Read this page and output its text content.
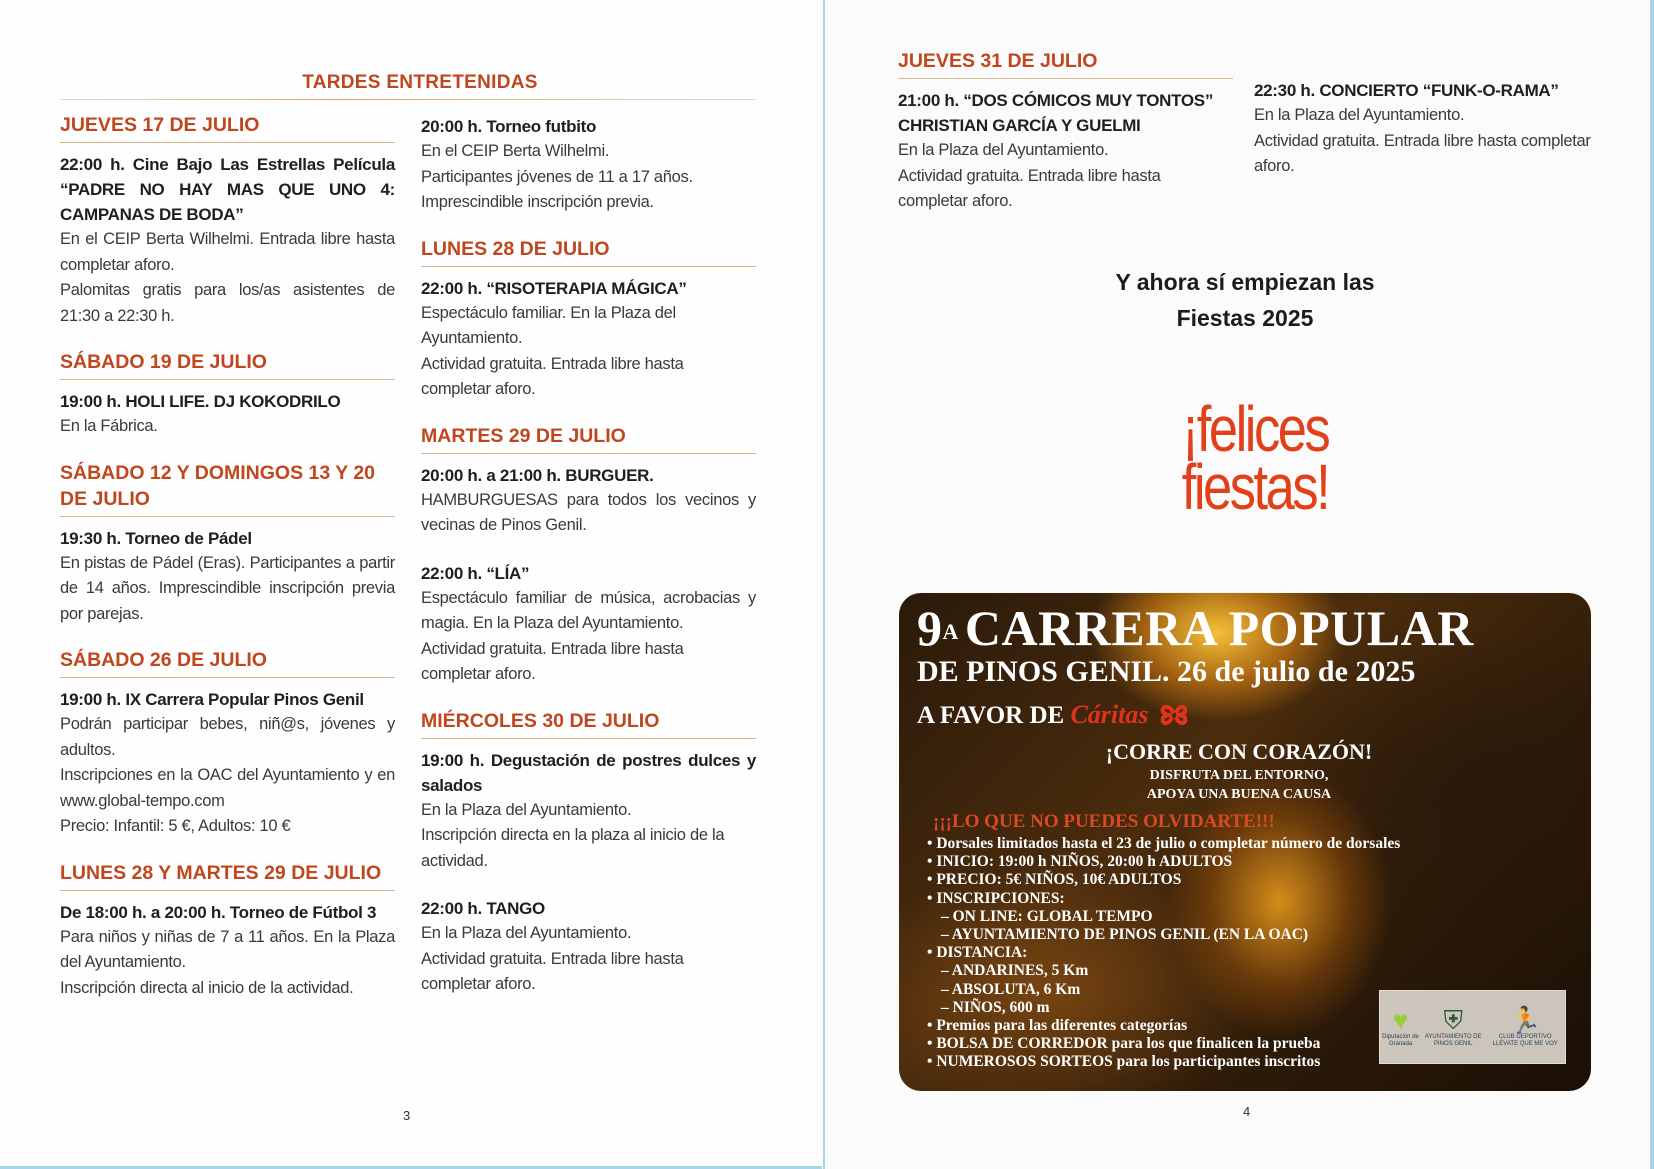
TARDES ENTRETENIDAS
JUEVES 17 DE JULIO
22:00 h. Cine Bajo Las Estrellas Película “PADRE NO HAY MAS QUE UNO 4: CAMPANAS DE BODA”
En el CEIP Berta Wilhelmi. Entrada libre hasta completar aforo.
Palomitas gratis para los/as asistentes de 21:30 a 22:30 h.
SÁBADO 19 DE JULIO
19:00 h. HOLI LIFE. DJ KOKODRILO
En la Fábrica.
SÁBADO 12 Y DOMINGOS 13 Y 20 DE JULIO
19:30 h. Torneo de Pádel
En pistas de Pádel (Eras). Participantes a partir de 14 años. Imprescindible inscripción previa por parejas.
SÁBADO 26 DE JULIO
19:00 h. IX Carrera Popular Pinos Genil
Podrán participar bebes, niñ@s, jóvenes y adultos.
Inscripciones en la OAC del Ayuntamiento y en www.global-tempo.com
Precio: Infantil: 5 €, Adultos: 10 €
LUNES 28 Y MARTES 29 DE JULIO
De 18:00 h. a 20:00 h. Torneo de Fútbol 3
Para niños y niñas de 7 a 11 años. En la Plaza del Ayuntamiento.
Inscripción directa al inicio de la actividad.
20:00 h. Torneo futbito
En el CEIP Berta Wilhelmi.
Participantes jóvenes de 11 a 17 años.
Imprescindible inscripción previa.
LUNES 28 DE JULIO
22:00 h. “RISOTERAPIA MÁGICA”
Espectáculo familiar. En la Plaza del Ayuntamiento.
Actividad gratuita. Entrada libre hasta completar aforo.
MARTES 29 DE JULIO
20:00 h. a 21:00 h. BURGUER.
HAMBURGUESAS para todos los vecinos y vecinas de Pinos Genil.
22:00 h. “LÍA”
Espectáculo familiar de música, acrobacias y magia. En la Plaza del Ayuntamiento.
Actividad gratuita. Entrada libre hasta completar aforo.
MIÉRCOLES 30 DE JULIO
19:00 h. Degustación de postres dulces y salados
En la Plaza del Ayuntamiento.
Inscripción directa en la plaza al inicio de la actividad.
22:00 h. TANGO
En la Plaza del Ayuntamiento.
Actividad gratuita. Entrada libre hasta completar aforo.
3
JUEVES 31 DE JULIO
21:00 h. “DOS CÓMICOS MUY TONTOS” CHRISTIAN GARCÍA Y GUELMI
En la Plaza del Ayuntamiento.
Actividad gratuita. Entrada libre hasta completar aforo.
22:30 h. CONCIERTO “FUNK-O-RAMA”
En la Plaza del Ayuntamiento.
Actividad gratuita. Entrada libre hasta completar aforo.
Y ahora sí empiezan las
Fiestas 2025
¡felices
fiestas!
$9^A$ CARRERA POPULAR
DE PINOS GENIL. 26 de julio de 2025
A FAVOR DE Cáritas
¡CORRE CON CORAZÓN!
DISFRUTA DEL ENTORNO,
APOYA UNA BUENA CAUSA
¡¡¡LO QUE NO PUEDES OLVIDARTE!!!
• Dorsales limitados hasta el 23 de julio o completar número de dorsales
• INICIO: 19:00 h NIÑOS, 20:00 h ADULTOS
• PRECIO: 5€ NIÑOS, 10€ ADULTOS
• INSCRIPCIONES:
– ON LINE: GLOBAL TEMPO
– AYUNTAMIENTO DE PINOS GENIL (EN LA OAC)
• DISTANCIA:
– ANDARINES, 5 Km
– ABSOLUTA, 6 Km
– NIÑOS, 600 m
• Premios para las diferentes categorías
• BOLSA DE CORREDOR para los que finalicen la prueba
• NUMEROSOS SORTEOS para los participantes inscritos
♥
Diputación de Granada
⛨
AYUNTAMIENTO DE PINOS GENIL
🏃
CLUB DEPORTIVO LLÉVATE QUE ME VOY
4
